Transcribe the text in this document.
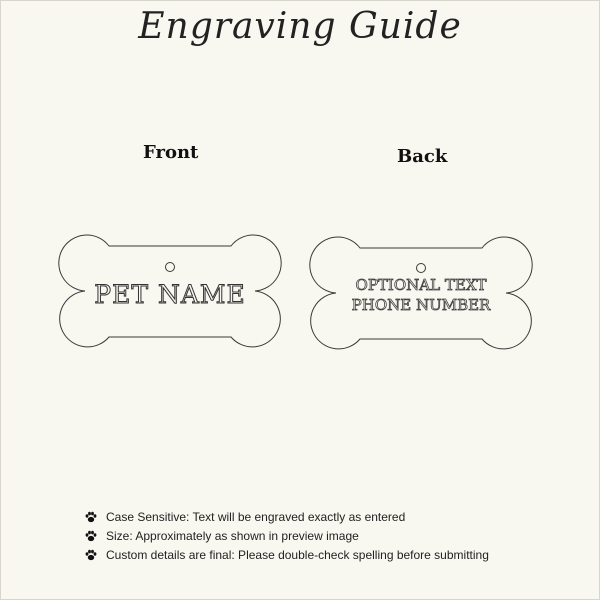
Engraving Guide
Front	Back
PET NAME	OPTIONAL TEXT
PHONE NUMBER
Case Sensitive: Text will be engraved exactly as entered
Size: Approximately as shown in preview image
Custom details are final: Please double-check spelling before submitting
